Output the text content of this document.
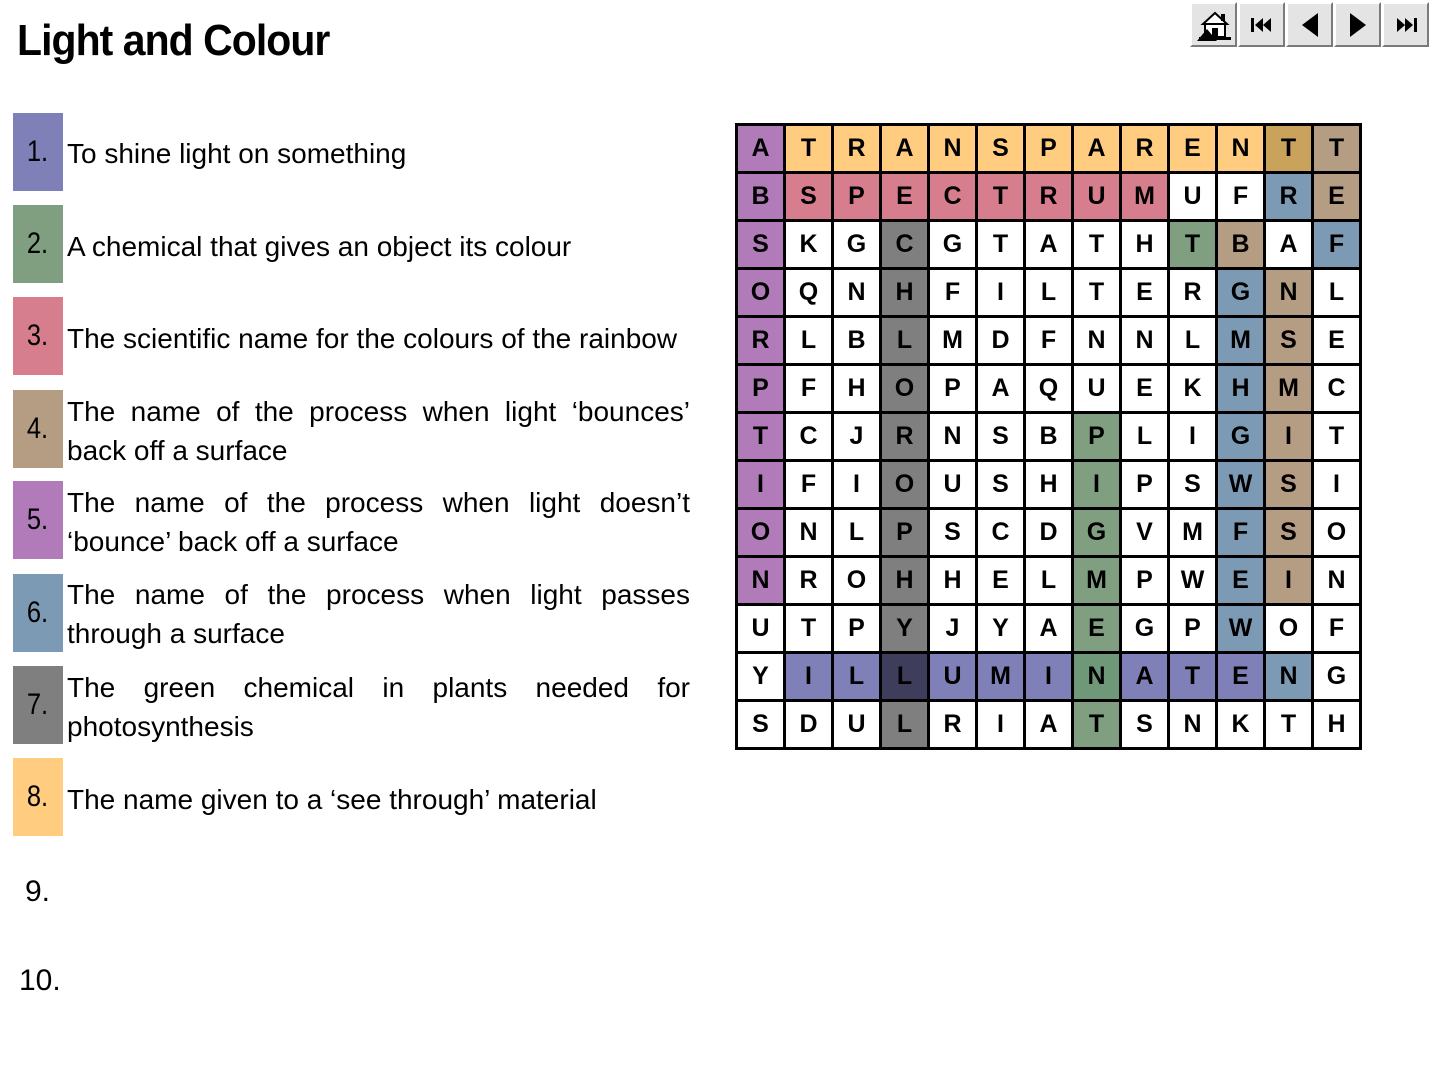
Light and Colour
1. To shine light on something
2. A chemical that gives an object its colour
3. The scientific name for the colours of the rainbow
4.
The name of the process when light ‘bounces’ back off a surface
5.
The name of the process when light doesn’t ‘bounce’ back off a surface
6.
The name of the process when light passes through a surface
7.
The green chemical in plants needed for photosynthesis
8. The name given to a ‘see through’ material
9.
10.
A	T	R	A	N	S	P	A	R	E	N	T	T
B	S	P	E	C	T	R	U	M	U	F	R	E
S	K	G	C	G	T	A	T	H	T	B	A	F
O	Q	N	H	F	I	L	T	E	R	G	N	L
R	L	B	L	M	D	F	N	N	L	M	S	E
P	F	H	O	P	A	Q	U	E	K	H	M	C
T	C	J	R	N	S	B	P	L	I	G	I	T
I	F	I	O	U	S	H	I	P	S	W	S	I
O	N	L	P	S	C	D	G	V	M	F	S	O
N	R	O	H	H	E	L	M	P	W	E	I	N
U	T	P	Y	J	Y	A	E	G	P	W	O	F
Y	I	L	L	U	M	I	N	A	T	E	N	G
S	D	U	L	R	I	A	T	S	N	K	T	H
